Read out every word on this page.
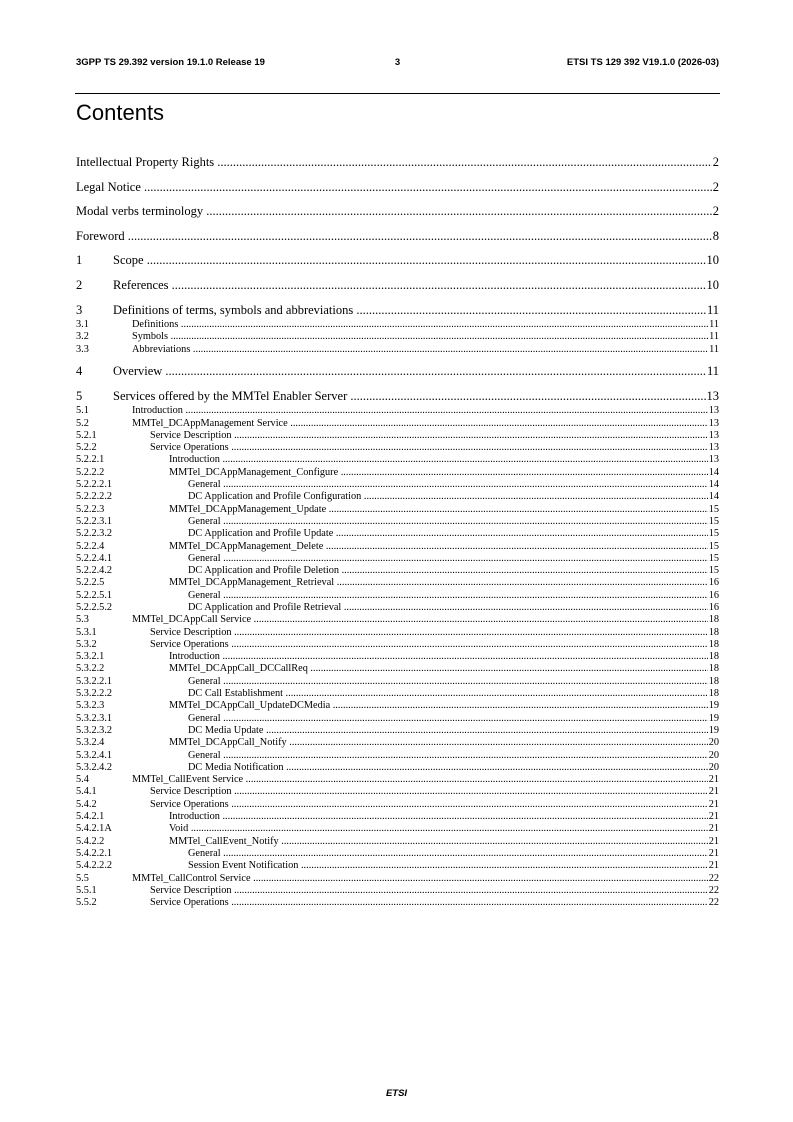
3GPP TS 29.392 version 19.1.0 Release 19	3	ETSI TS 129 392 V19.1.0 (2026-03)
Contents
Intellectual Property Rights .....	2
Legal Notice .....	2
Modal verbs terminology .....	2
Foreword .....	8
1 Scope .....	10
2 References .....	10
3 Definitions of terms, symbols and abbreviations .....	11
3.1	Definitions .....	11
3.2	Symbols .....	11
3.3	Abbreviations .....	11
4 Overview .....	11
5 Services offered by the MMTel Enabler Server .....	13
5.1	Introduction .....	13
5.2	MMTel_DCAppManagement Service .....	13
5.2.1	Service Description .....	13
5.2.2	Service Operations .....	13
5.2.2.1	Introduction .....	13
5.2.2.2	MMTel_DCAppManagement_Configure .....	14
5.2.2.2.1	General .....	14
5.2.2.2.2	DC Application and Profile Configuration .....	14
5.2.2.3	MMTel_DCAppManagement_Update .....	15
5.2.2.3.1	General .....	15
5.2.2.3.2	DC Application and Profile Update .....	15
5.2.2.4	MMTel_DCAppManagement_Delete .....	15
5.2.2.4.1	General .....	15
5.2.2.4.2	DC Application and Profile Deletion .....	15
5.2.2.5	MMTel_DCAppManagement_Retrieval .....	16
5.2.2.5.1	General .....	16
5.2.2.5.2	DC Application and Profile Retrieval .....	16
5.3	MMTel_DCAppCall Service .....	18
5.3.1	Service Description .....	18
5.3.2	Service Operations .....	18
5.3.2.1	Introduction .....	18
5.3.2.2	MMTel_DCAppCall_DCCallReq .....	18
5.3.2.2.1	General .....	18
5.3.2.2.2	DC Call Establishment .....	18
5.3.2.3	MMTel_DCAppCall_UpdateDCMedia .....	19
5.3.2.3.1	General .....	19
5.3.2.3.2	DC Media Update .....	19
5.3.2.4	MMTel_DCAppCall_Notify .....	20
5.3.2.4.1	General .....	20
5.3.2.4.2	DC Media Notification .....	20
5.4	MMTel_CallEvent Service .....	21
5.4.1	Service Description .....	21
5.4.2	Service Operations .....	21
5.4.2.1	Introduction .....	21
5.4.2.1A	Void .....	21
5.4.2.2	MMTel_CallEvent_Notify .....	21
5.4.2.2.1	General .....	21
5.4.2.2.2	Session Event Notification .....	21
5.5	MMTel_CallControl Service .....	22
5.5.1	Service Description .....	22
5.5.2	Service Operations .....	22
ETSI
